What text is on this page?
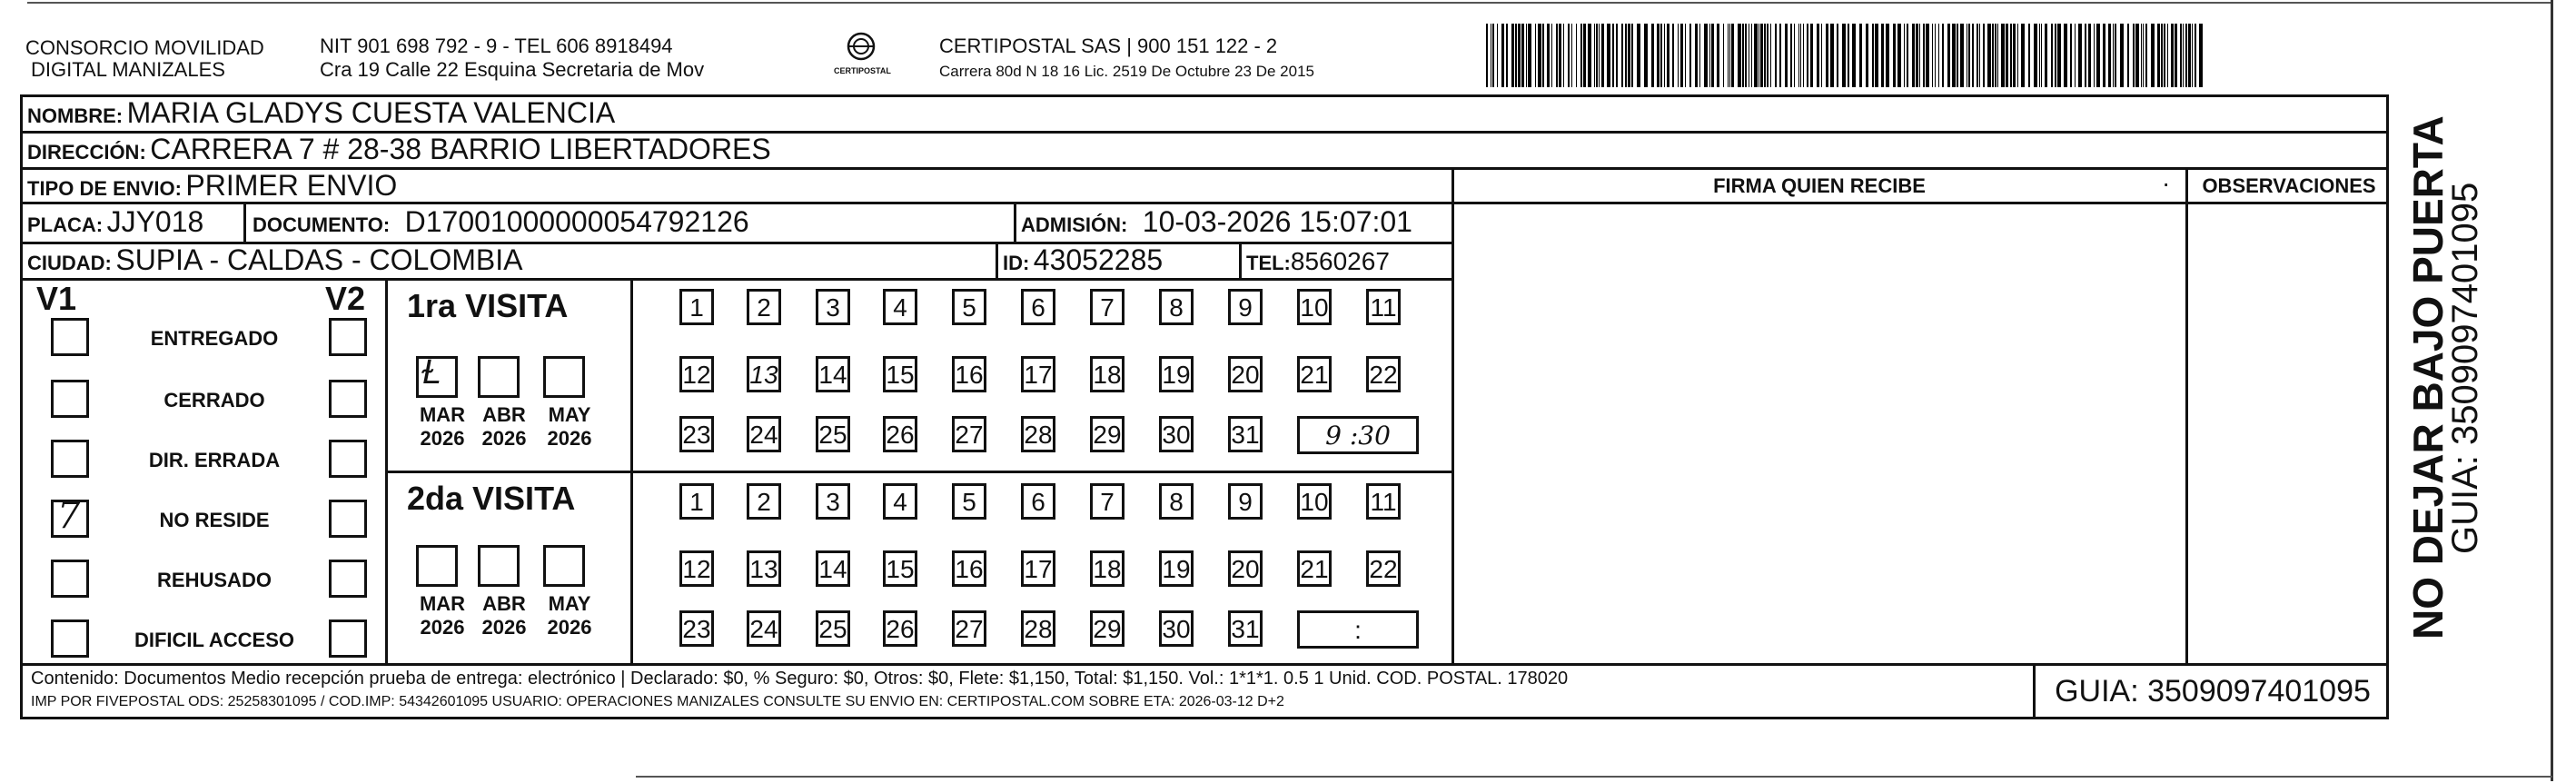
CONSORCIO MOVILIDAD
DIGITAL MANIZALES
NIT 901 698 792 - 9 - TEL 606 8918494
Cra 19 Calle 22 Esquina Secretaria de Mov	CERTIPOSTAL
CERTIPOSTAL SAS | 900 151 122 - 2
Carrera 80d N 18 16 Lic. 2519 De Octubre 23 De 2015
NOMBRE: MARIA GLADYS CUESTA VALENCIA
DIRECCIÓN: CARRERA 7 # 28-38 BARRIO LIBERTADORES
TIPO DE ENVIO: PRIMER ENVIO
PLACA: JJY018 DOCUMENTO: D17001000000054792126	ADMISIÓN: 10-03-2026 15:07:01
CIUDAD: SUPIA - CALDAS - COLOMBIA	ID: 43052285	TEL:8560267
FIRMA QUIEN RECIBE	·	OBSERVACIONES
V1	V2 1ra VISITA
2da VISITA
Contenido: Documentos Medio recepción prueba de entrega: electrónico | Declarado: $0, % Seguro: $0, Otros: $0, Flete: $1,150, Total: $1,150. Vol.: 1*1*1. 0.5 1 Unid. COD. POSTAL. 178020
IMP POR FIVEPOSTAL ODS: 25258301095 / COD.IMP: 54342601095 USUARIO: OPERACIONES MANIZALES CONSULTE SU ENVIO EN: CERTIPOSTAL.COM SOBRE ETA: 2026-03-12 D+2	GUIA: 3509097401095
NO DEJAR BAJO PUERTA
GUIA: 3509097401095
ENTREGADO
CERRADO
DIR. ERRADA
7	NO RESIDE
REHUSADO
DIFICIL ACCESO
Ɫ
MAR
2026
ABR
2026
MAY
2026
MAR
2026
ABR
2026
MAY
2026
1	2	3	4	5	6	7	8	9	10 11
12 13 14 15 16 17 18 19 20 21 22
23 24 25 26 27 28 29 30 31	9 :30
1	2	3	4	5	6	7	8	9	10 11
12 13 14 15 16 17 18 19 20 21 22
23 24 25 26 27 28 29 30 31	:
